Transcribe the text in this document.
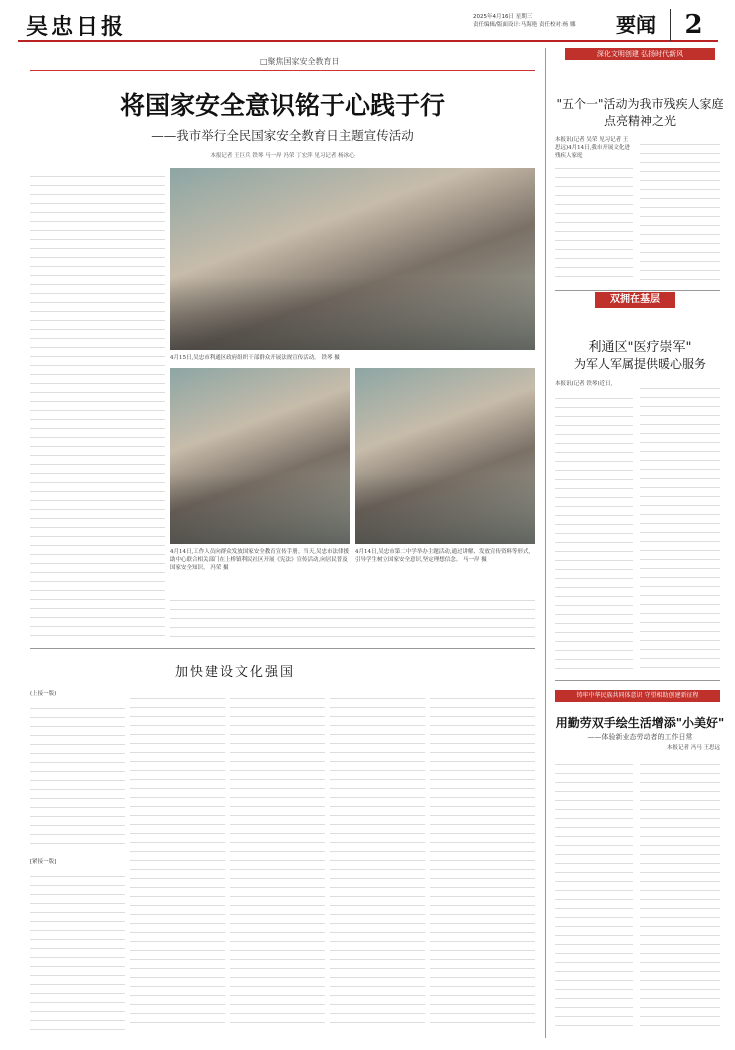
吴忠日报	2025年4月16日 星期三
责任编辑/版面设计:马海艳 责任校对:杨 娜	要闻	2
□聚焦国家安全教育日
将国家安全意识铭于心践于行
——我市举行全民国家安全教育日主题宣传活动
本报记者 王巨兵 铁琴 马一岸 冯荣 丁宏萍 见习记者 杨冰心
4月15日,吴忠市利通区政府组织干部群众开展法规宣传活动。 铁琴 摄
4月14日,工作人员向群众发放国家安全教育宣传手册。当天,吴忠市法律援助中心联合相关部门在上桥镇利民社区开展《宪法》宣传活动,向居民普及国家安全知识。 冯荣 摄
4月14日,吴忠市第二中学举办主题活动,通过讲解、发放宣传资料等形式,引导学生树立国家安全意识,坚定理想信念。 马一岸 摄
加快建设文化强国
(上接一版)
[紧接一版]
深化文明创建 弘扬时代新风
"五个一"活动为我市残疾人家庭点亮精神之光
本报讯(记者 吴荣 见习记者 王思远)4月14日,我市开展文化进残疾人家庭
双拥在基层
利通区"医疗崇军"
为军人军属提供暖心服务
本报讯(记者 铁琴)近日,
铸牢中华民族共同体意识 守望相助创建新征程
用勤劳双手绘生活增添"小美好"
——体验新业态劳动者的工作日常
本报记者 冯马 王思远
